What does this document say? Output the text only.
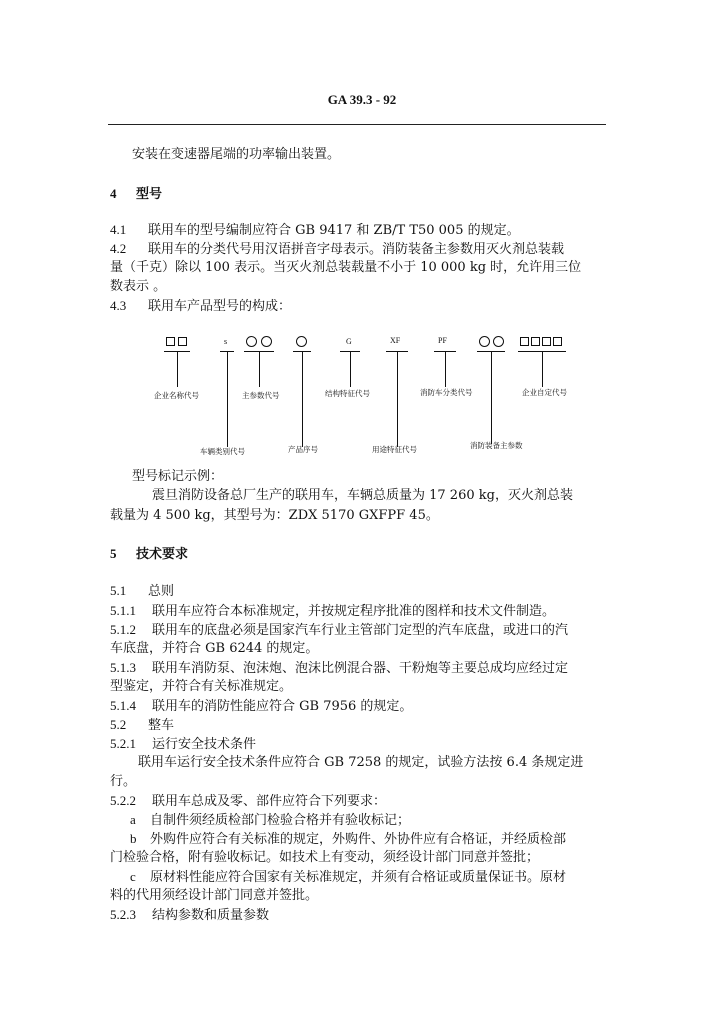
GA 39.3 - 92
安装在变速器尾端的功率输出装置。
4 型号
4.1 联用车的型号编制应符合 GB 9417 和 ZB/T T50 005 的规定。
4.2 联用车的分类代号用汉语拼音字母表示。消防装备主参数用灭火剂总装载
量（千克）除以 100 表示。当灭火剂总装载量不小于 10 000 kg 时，允许用三位
数表示 。
4.3 联用车产品型号的构成：
s	G	XF	PF
企业名称代号	主参数代号	结构特征代号	消防车分类代号	企业自定代号
车辆类别代号	产品序号	用途特征代号	消防装备主参数
型号标记示例：
震旦消防设备总厂生产的联用车，车辆总质量为 17 260 kg，灭火剂总装
载量为 4 500 kg，其型号为：ZDX 5170 GXFPF 45。
5 技术要求
5.1 总则
5.1.1 联用车应符合本标准规定，并按规定程序批准的图样和技术文件制造。
5.1.2 联用车的底盘必须是国家汽车行业主管部门定型的汽车底盘，或进口的汽
车底盘，并符合 GB 6244 的规定。
5.1.3 联用车消防泵、泡沫炮、泡沫比例混合器、干粉炮等主要总成均应经过定
型鉴定，并符合有关标准规定。
5.1.4 联用车的消防性能应符合 GB 7956 的规定。
5.2 整车
5.2.1 运行安全技术条件
联用车运行安全技术条件应符合 GB 7258 的规定，试验方法按 6.4 条规定进
行。
5.2.2 联用车总成及零、部件应符合下列要求：
a 自制件须经质检部门检验合格并有验收标记；
b 外购件应符合有关标准的规定，外购件、外协件应有合格证，并经质检部
门检验合格，附有验收标记。如技术上有变动，须经设计部门同意并签批；
c 原材料性能应符合国家有关标准规定，并须有合格证或质量保证书。原材
料的代用须经设计部门同意并签批。
5.2.3 结构参数和质量参数
